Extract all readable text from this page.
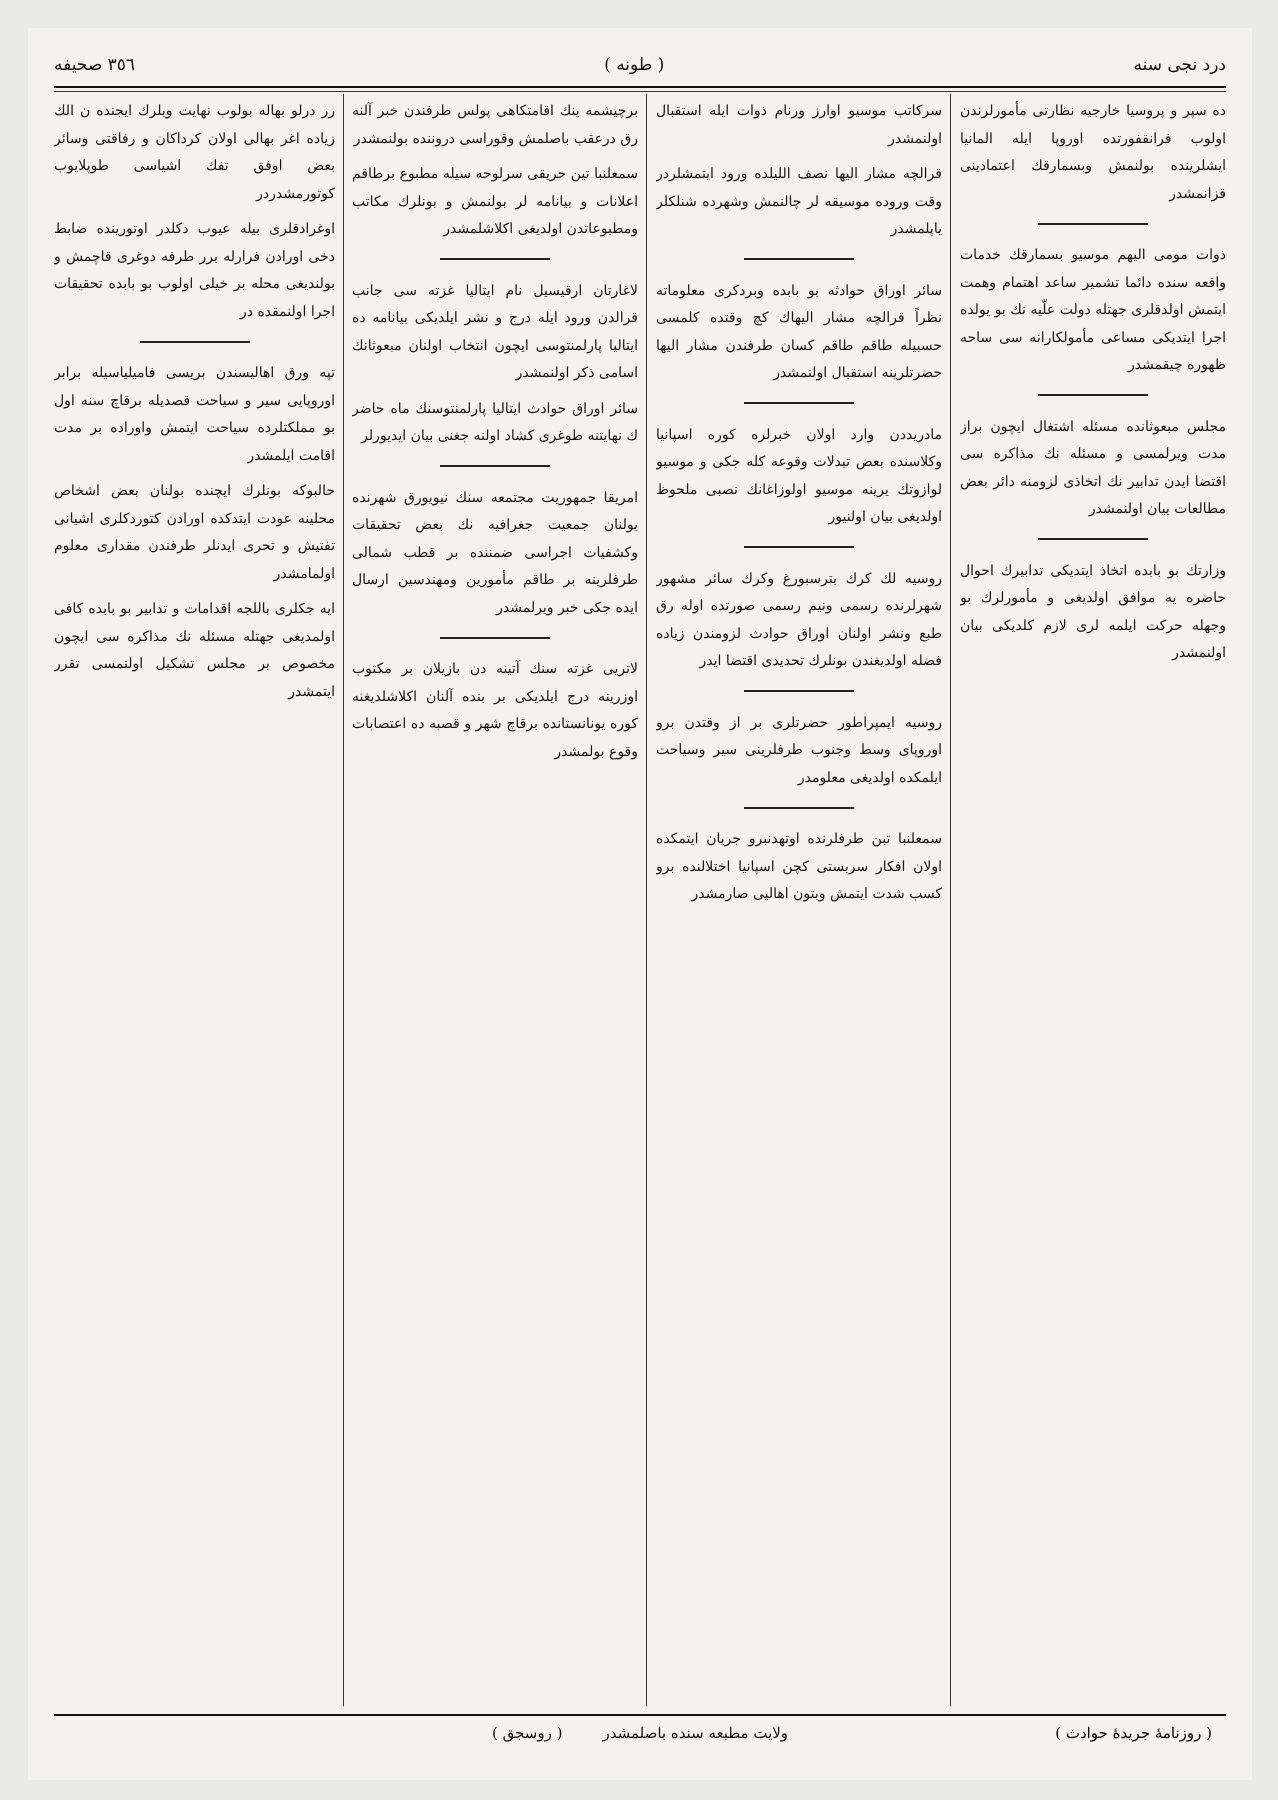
درد نجى سنه
( طونه )
٣٥٦ صحيفه

ده سپر و پروسيا خارجيه نظارتى مأمورلرندن اولوب فرانقفورتده اوروپا ايله المانيا ايشلرينده بولنمش وبسمارقك اعتمادينى قزانمشدر

ذوات مومى اليهم موسيو بسمارقك خدمات واقعه سنده دائما تشمير ساعد اهتمام وهمت ايتمش اولدقلرى جهتله دولت علّيه نك بو يولده اجرا ايتديكى مساعى مأمولكارانه سى ساحه ظهوره چيقمشدر

مجلس مبعوثانده مسئله اشتغال ايچون براز مدت ويرلمسى و مسئله نك مذاكره سى اقتضا ايدن تدابير نك اتخاذى لزومنه دائر بعض مطالعات بيان اولنمشدر

وزارتك بو بابده اتخاذ ايتديكى تدابيرك احوال حاضره يه موافق اولديغى و مأمورلرك بو وجهله حركت ايلمه لرى لازم كلديكى بيان اولنمشدر

سركاتب موسيو اوارز ورنام ذوات ايله استقبال اولنمشدر

قرالچه مشار اليها نصف الليلده ورود ايتمشلردر وقت وروده موسيقه لر چالنمش وشهرده شنلكلر ياپلمشدر

سائر اوراق حوادثه بو بابده وبردكرى معلوماته نظراً قرالچه مشار اليهاك كچ وقتده كلمسى حسبيله طاقم طاقم كسان طرفندن مشار اليها حضرتلرينه استقبال اولنمشدر

مادريددن وارد اولان خبرلره كوره اسپانيا وكلاسنده بعض تبدلات وقوعه كله جكى و موسيو لوازوتك يرينه موسيو اولوزاغانك نصبى ملحوظ اولديغى بيان اولنيور

روسيه لك كرك بترسبورغ وكرك سائر مشهور شهرلرنده رسمى ونيم رسمى صورتده اوله رق طبع ونشر اولنان اوراق حوادث لزومندن زياده فضله اولديغندن بونلرك تحديدى اقتضا ايدر

روسيه ايمپراطور حضرتلرى بر از وقتدن برو اوروپاى وسط وجنوب طرفلرينى سير وسياحت ايلمكده اولديغى معلومدر

سمعلنبا تبن طرفلرنده اوتهدنبرو جريان ايتمكده اولان افكار سربستى كچن اسپانيا اختلالنده برو كسب شدت ايتمش وبتون اهاليى صارمشدر

برچيشمه ينك اقامتكاهى پولس طرفندن خبر آلنه رق درعقب باصلمش وقوراسى دروننده بولنمشدر

سمعلنبا تين حريقى سرلوحه سيله مطبوع برطاقم اعلانات و بيانامه لر بولنمش و بونلرك مكاتب ومطبوعاتدن اولديغى اكلاشلمشدر

لاغارتان ارقيسيل نام ايتاليا غزته سى جانب قرالدن ورود ايله درج و نشر ايلديكى بيانامه ده ايتاليا پارلمنتوسى ايچون انتخاب اولنان مبعوثانك اسامى ذكر اولنمشدر

سائر اوراق حوادث ايتاليا پارلمنتوسنك ماه حاضر ك نهايتنه طوغرى كشاد اولنه جغنى بيان ايديورلر

امريقا جمهوريت مجتمعه سنك نيويورق شهرنده بولنان جمعيت جغرافيه نك بعض تحقيقات وكشفيات اجراسى ضمننده بر قطب شمالى طرفلرينه بر طاقم مأمورين ومهندسين ارسال ايده جكى خبر ويرلمشدر

لاتريى غزته سنك آتينه دن بازيلان بر مكتوب اوزرينه درج ايلديكى بر بنده آلنان اكلاشلديغنه كوره يونانستانده برقاچ شهر و قصبه ده اعتصابات وقوع بولمشدر

رر درلو بهاله بولوب نهايت وبلرك ايجنده ن الك زياده اغر بهالى اولان كرداكان و رفاقتى وسائر بعض اوفق تفك اشياسى طوپلايوب كوتورمشدردر

اوغرادقلرى بيله عيوب دكلدر اوتورينده ضابط دخى اورادن فرارله برر طرفه دوغرى قاچمش و بولنديغى محله بر خيلى اولوب بو بابده تحقيقات اجرا اولنمقده در

تپه ورق اهاليسندن بريسى فاميلياسيله برابر اوروپايى سير و سياحت قصديله برقاچ سنه اول بو مملكتلرده سياحت ايتمش واوراده بر مدت اقامت ايلمشدر

حالبوكه بونلرك ايچنده بولنان بعض اشخاص محلينه عودت ايتدكده اورادن كتوردكلرى اشيانى تفتيش و تحرى ايدنلر طرفندن مقدارى معلوم اولمامشدر

ايه جكلرى باللجه اقدامات و تدابير بو بابده كافى اولمديغى جهتله مسئله نك مذاكره سى ايچون مخصوص بر مجلس تشكيل اولنمسى تقرر ايتمشدر

ولايت مطبعه سنده باصلمشدر
( روسجق )	( روزنامهٔ جريدهٔ حوادث )
